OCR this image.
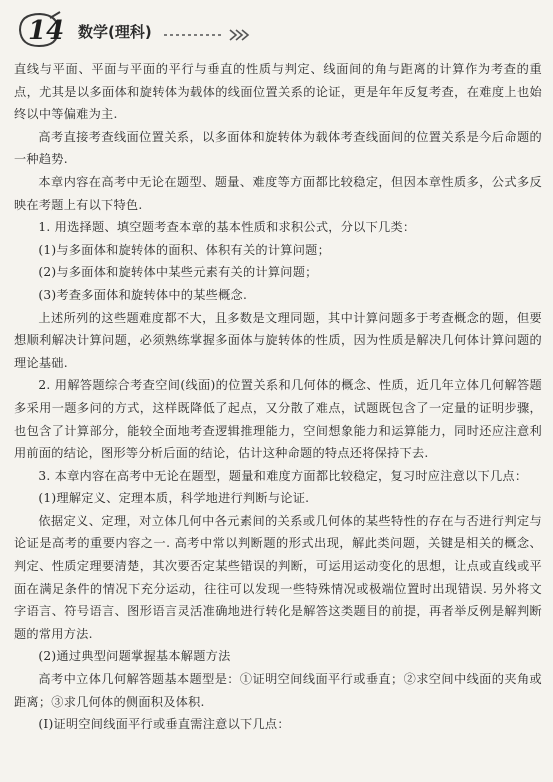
14 数学(理科)

直线与平面、平面与平面的平行与垂直的性质与判定、线面间的角与距离的计算作为考查的重点，尤其是以多面体和旋转体为载体的线面位置关系的论证，更是年年反复考查，在难度上也始终以中等偏难为主.

高考直接考查线面位置关系，以多面体和旋转体为载体考查线面间的位置关系是今后命题的一种趋势.

本章内容在高考中无论在题型、题量、难度等方面都比较稳定，但因本章性质多，公式多反映在考题上有以下特色.

1. 用选择题、填空题考查本章的基本性质和求积公式，分以下几类：

(1)与多面体和旋转体的面积、体积有关的计算问题；

(2)与多面体和旋转体中某些元素有关的计算问题；

(3)考查多面体和旋转体中的某些概念.

上述所列的这些题难度都不大，且多数是文理同题，其中计算问题多于考查概念的题，但要想顺利解决计算问题，必须熟练掌握多面体与旋转体的性质，因为性质是解决几何体计算问题的理论基础.

2. 用解答题综合考查空间(线面)的位置关系和几何体的概念、性质，近几年立体几何解答题多采用一题多问的方式，这样既降低了起点，又分散了难点，试题既包含了一定量的证明步骤，也包含了计算部分，能较全面地考查逻辑推理能力，空间想象能力和运算能力，同时还应注意利用前面的结论，图形等分析后面的结论，估计这种命题的特点还将保持下去.

3. 本章内容在高考中无论在题型，题量和难度方面都比较稳定，复习时应注意以下几点：

(1)理解定义、定理本质，科学地进行判断与论证.

依据定义、定理，对立体几何中各元素间的关系或几何体的某些特性的存在与否进行判定与论证是高考的重要内容之一. 高考中常以判断题的形式出现，解此类问题，关键是相关的概念、判定、性质定理要清楚，其次要否定某些错误的判断，可运用运动变化的思想，让点或直线或平面在满足条件的情况下充分运动，往往可以发现一些特殊情况或极端位置时出现错误. 另外将文字语言、符号语言、图形语言灵活准确地进行转化是解答这类题目的前提，再者举反例是解判断题的常用方法.

(2)通过典型问题掌握基本解题方法

高考中立体几何解答题基本题型是：①证明空间线面平行或垂直；②求空间中线面的夹角或距离；③求几何体的侧面积及体积.

(Ⅰ)证明空间线面平行或垂直需注意以下几点：
